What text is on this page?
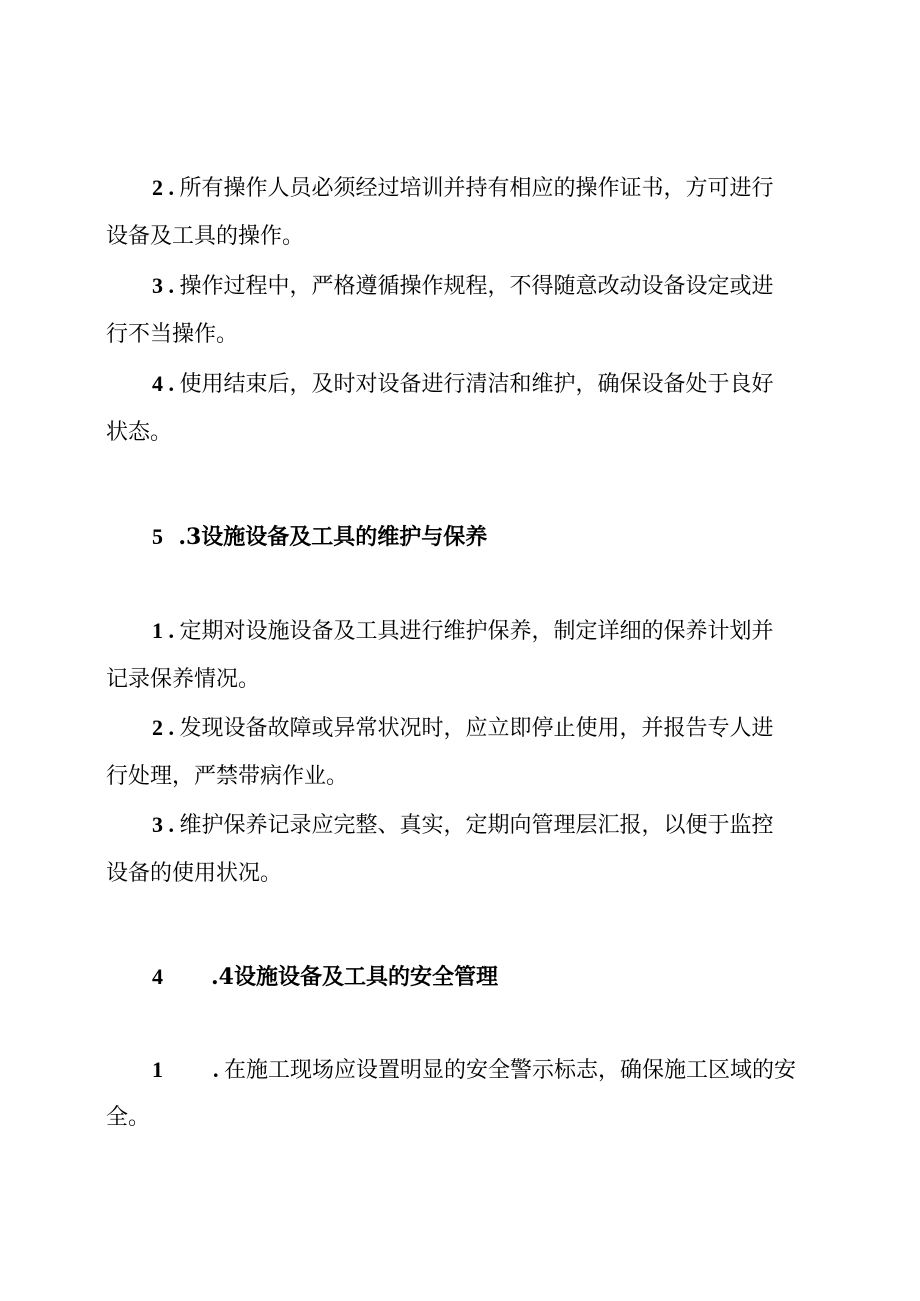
2 . 所有操作人员必须经过培训并持有相应的操作证书，方可进行
设备及工具的操作。
3 . 操作过程中，严格遵循操作规程，不得随意改动设备设定或进
行不当操作。
4 . 使用结束后，及时对设备进行清洁和维护，确保设备处于良好
状态。
5 .3设施设备及工具的维护与保养
1 . 定期对设施设备及工具进行维护保养，制定详细的保养计划并
记录保养情况。
2 . 发现设备故障或异常状况时，应立即停止使用，并报告专人进
行处理，严禁带病作业。
3 . 维护保养记录应完整、真实，定期向管理层汇报，以便于监控
设备的使用状况。
4 .4设施设备及工具的安全管理
1 . 在施工现场应设置明显的安全警示标志，确保施工区域的安
全。
